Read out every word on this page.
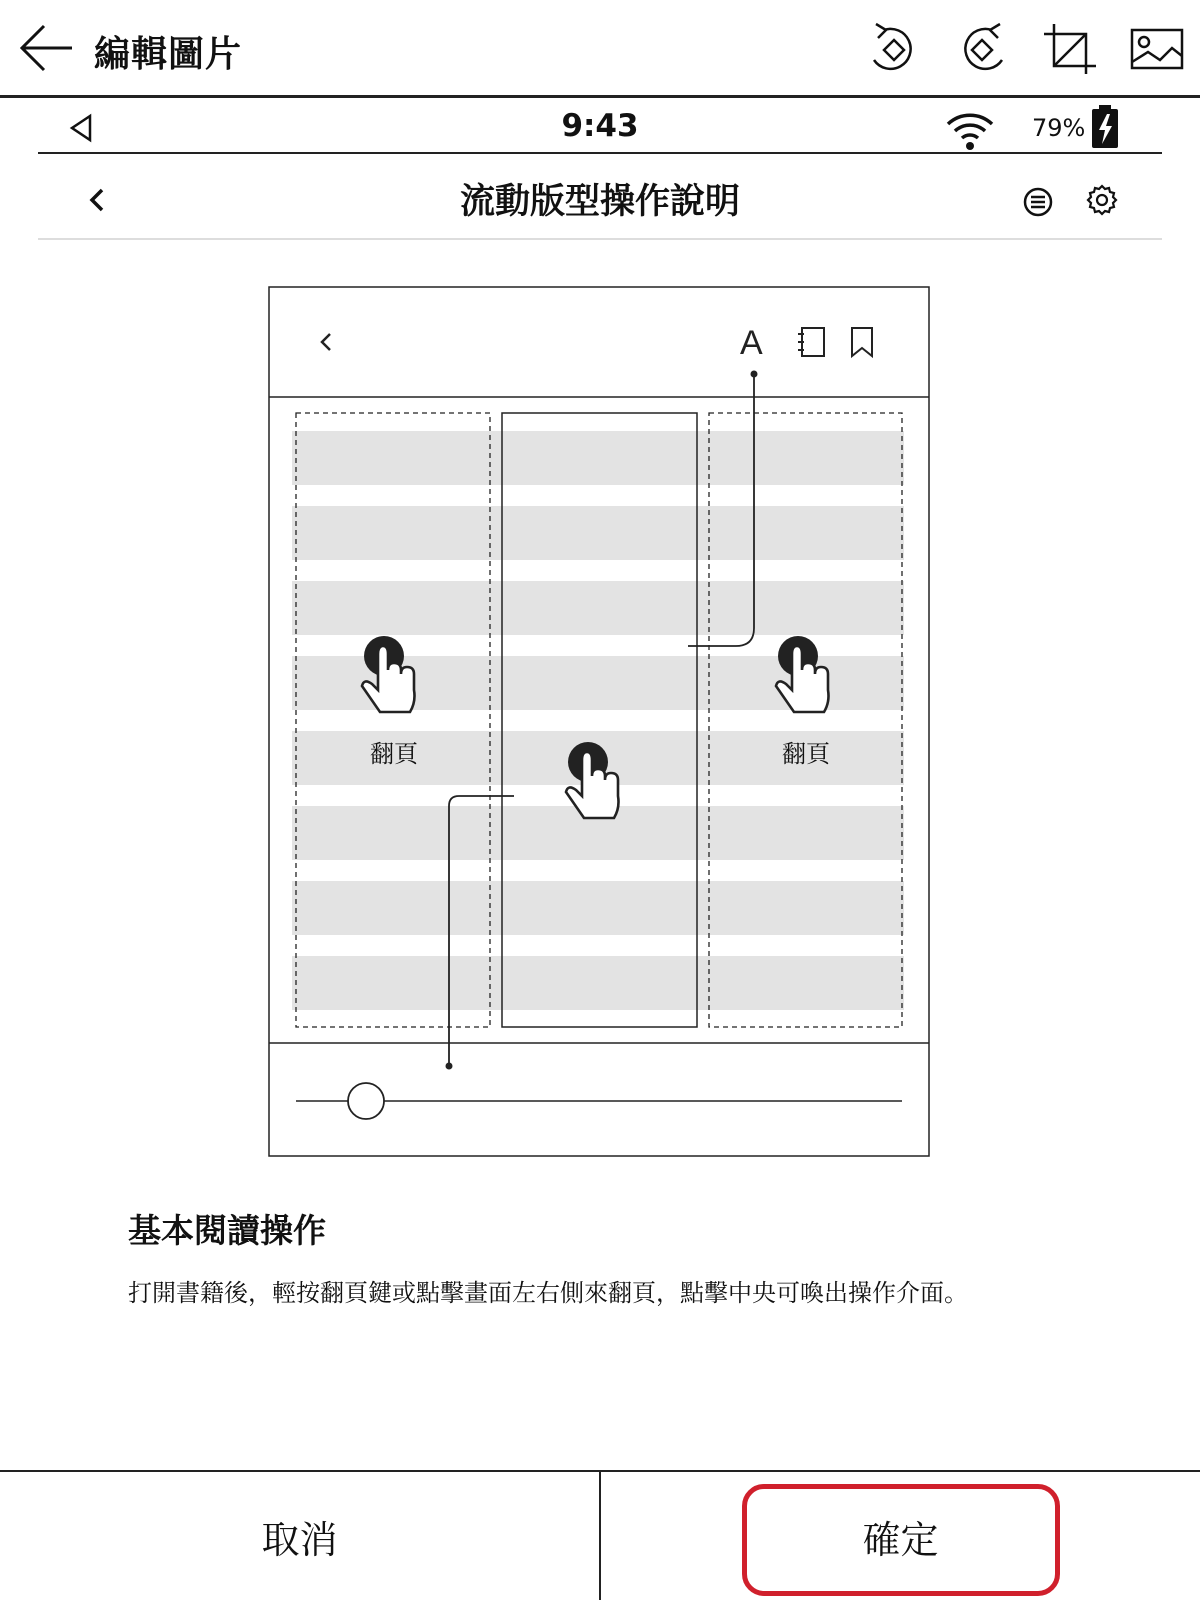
編輯圖片
9:43	79%
流動版型操作說明
A
翻頁	翻頁
基本閱讀操作
打開書籍後，輕按翻頁鍵或點擊畫面左右側來翻頁，點擊中央可喚出操作介面。
取消	確定
